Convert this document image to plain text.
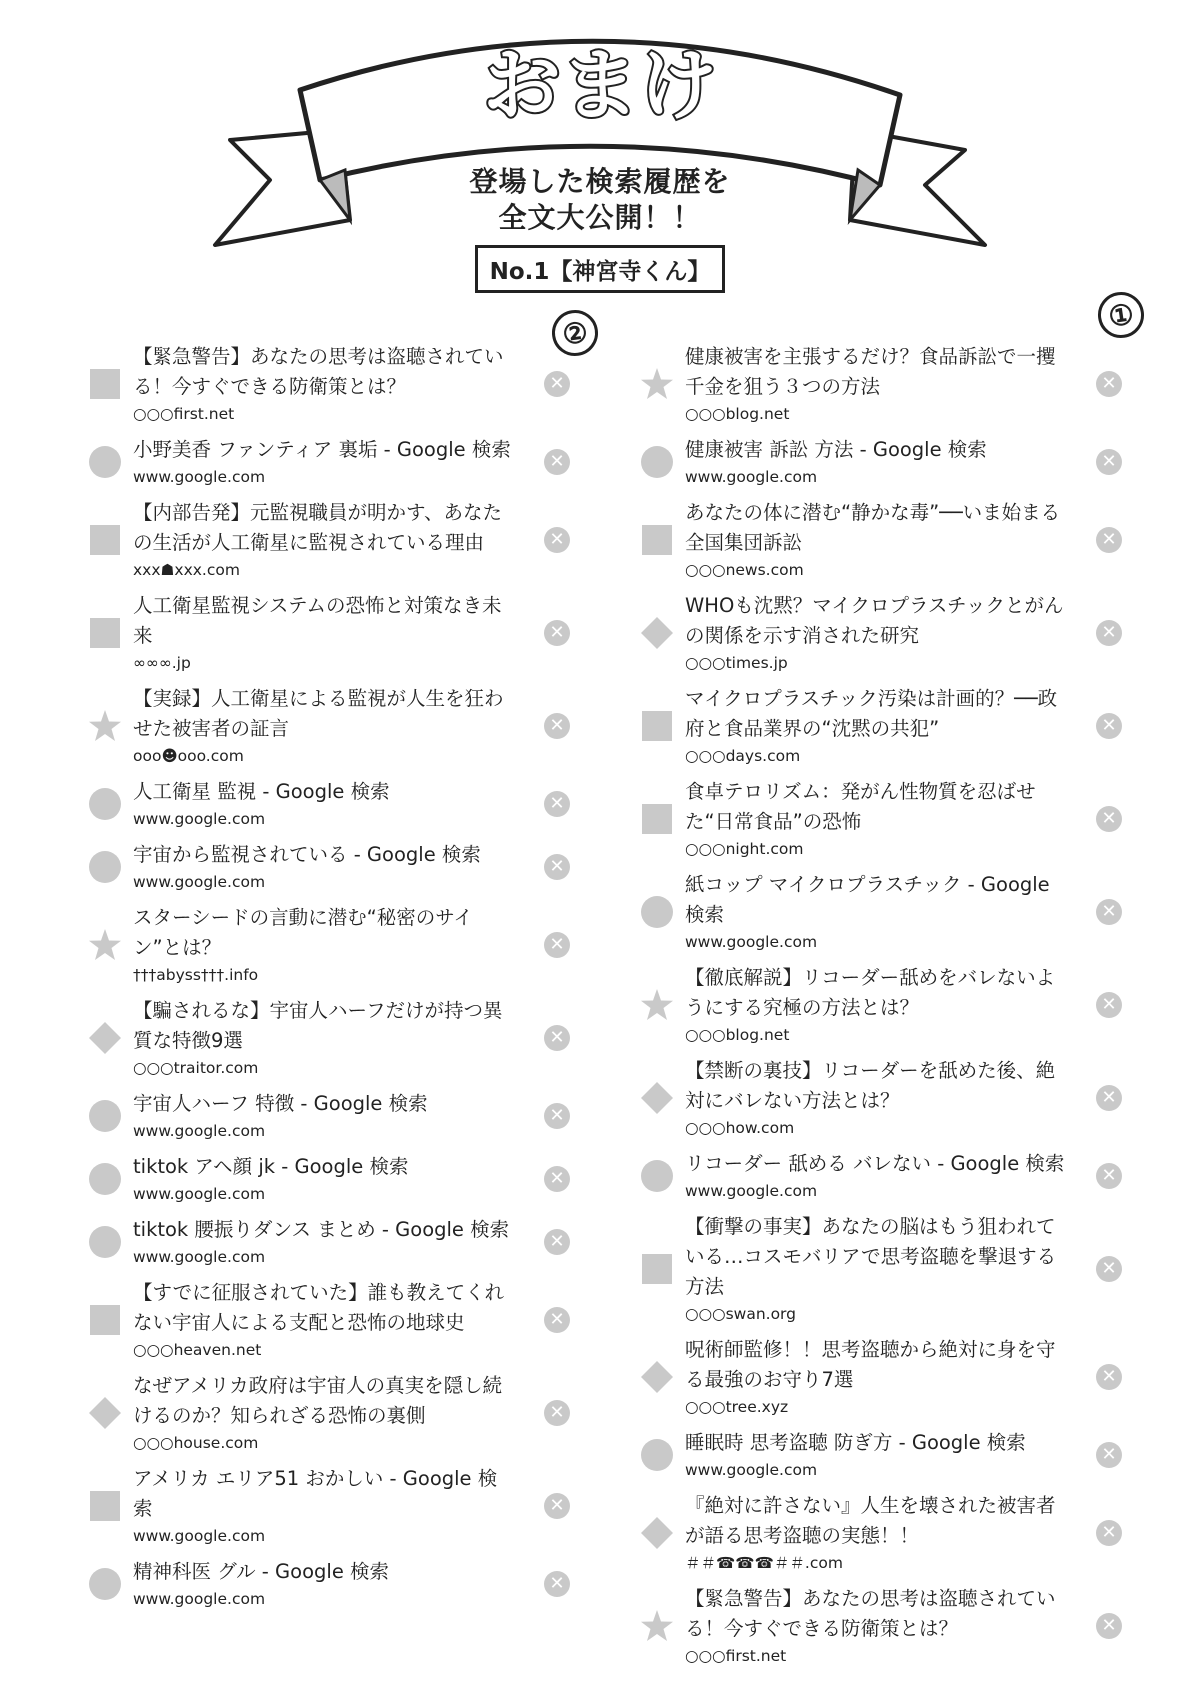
おまけ
登場した検索履歴を
全文大公開！！
No.1【神宮寺くん】
①
②
【緊急警告】あなたの思考は盗聴されている！今すぐできる防衛策とは？
○○○first.net
✕
小野美香 ファンティア 裏垢 - Google 検索
www.google.com
✕
【内部告発】元監視職員が明かす、あなたの生活が人工衛星に監視されている理由
xxx☗xxx.com
✕
人工衛星監視システムの恐怖と対策なき未来
∞∞∞.jp
✕
【実録】人工衛星による監視が人生を狂わせた被害者の証言
ooo☻ooo.com
✕
人工衛星 監視 - Google 検索
www.google.com
✕
宇宙から監視されている - Google 検索
www.google.com
✕
スターシードの言動に潜む“秘密のサイン”とは？
†††abyss†††.info
✕
【騙されるな】宇宙人ハーフだけが持つ異質な特徴9選
○○○traitor.com
✕
宇宙人ハーフ 特徴 - Google 検索
www.google.com
✕
tiktok アヘ顔 jk - Google 検索
www.google.com
✕
tiktok 腰振りダンス まとめ - Google 検索
www.google.com
✕
【すでに征服されていた】誰も教えてくれない宇宙人による支配と恐怖の地球史
○○○heaven.net
✕
なぜアメリカ政府は宇宙人の真実を隠し続けるのか？知られざる恐怖の裏側
○○○house.com
✕
アメリカ エリア51 おかしい - Google 検索
www.google.com
✕
精神科医 グル - Google 検索
www.google.com
✕
健康被害を主張するだけ？食品訴訟で一攫千金を狙う３つの方法
○○○blog.net
✕
健康被害 訴訟 方法 - Google 検索
www.google.com
✕
あなたの体に潜む“静かな毒”──いま始まる全国集団訴訟
○○○news.com
✕
WHOも沈黙？マイクロプラスチックとがんの関係を示す消された研究
○○○times.jp
✕
マイクロプラスチック汚染は計画的？──政府と食品業界の“沈黙の共犯”
○○○days.com
✕
食卓テロリズム：発がん性物質を忍ばせた“日常食品”の恐怖
○○○night.com
✕
紙コップ マイクロプラスチック - Google 検索
www.google.com
✕
【徹底解説】リコーダー舐めをバレないようにする究極の方法とは？
○○○blog.net
✕
【禁断の裏技】リコーダーを舐めた後、絶対にバレない方法とは？
○○○how.com
✕
リコーダー 舐める バレない - Google 検索
www.google.com
✕
【衝撃の事実】あなたの脳はもう狙われている…コスモバリアで思考盗聴を撃退する方法
○○○swan.org
✕
呪術師監修！！思考盗聴から絶対に身を守る最強のお守り7選
○○○tree.xyz
✕
睡眠時 思考盗聴 防ぎ方 - Google 検索
www.google.com
✕
『絶対に許さない』人生を壊された被害者が語る思考盗聴の実態！！
＃＃☎☎☎＃＃.com
✕
【緊急警告】あなたの思考は盗聴されている！今すぐできる防衛策とは？
○○○first.net
✕
